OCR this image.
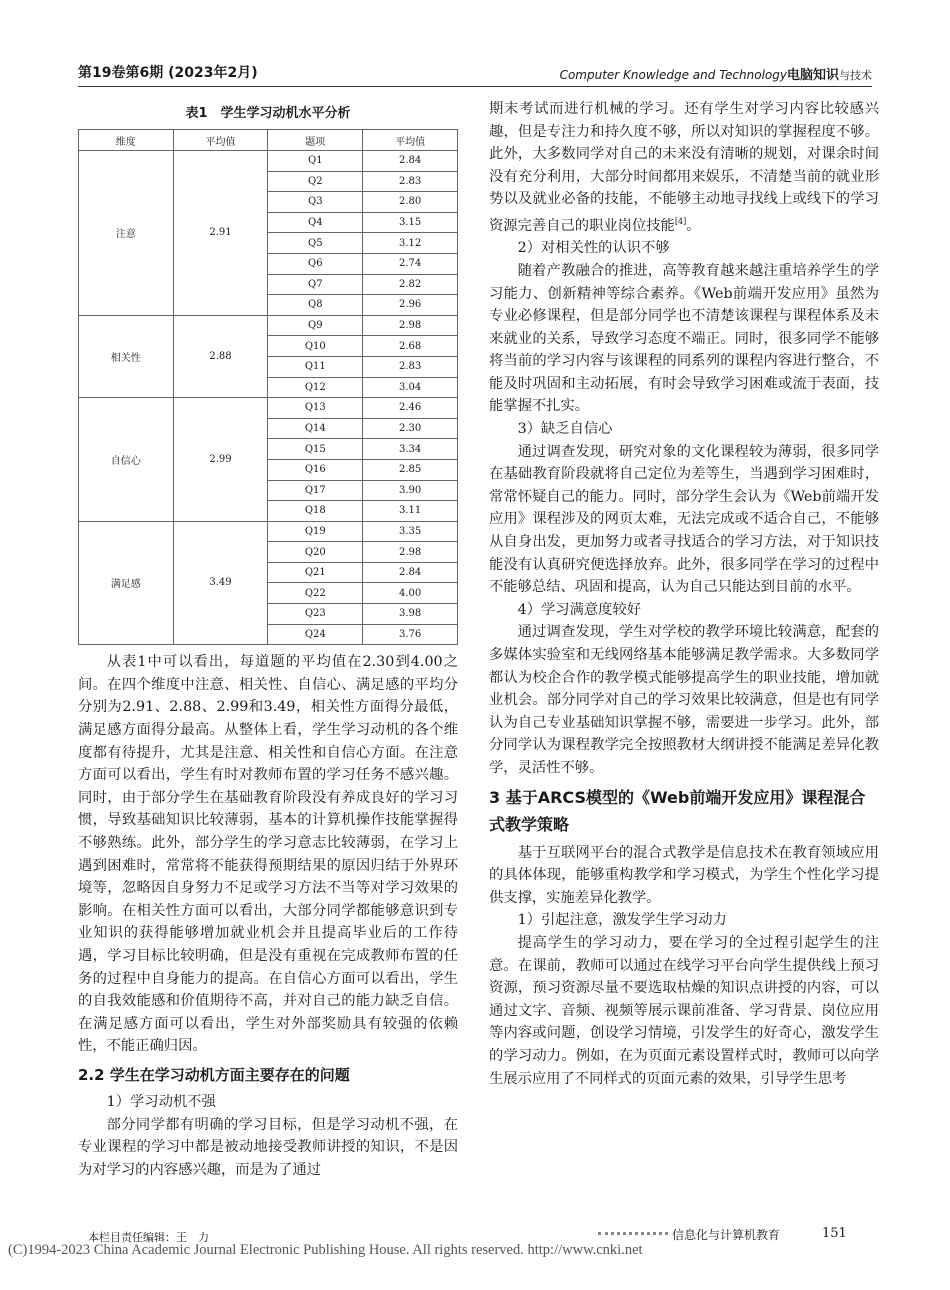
第19卷第6期 (2023年2月)	Computer Knowledge and Technology电脑知识与技术
表1　学生学习动机水平分析
维度	平均值	题项	平均值
注意	2.91	Q1	2.84
		Q2	2.83
		Q3	2.80
		Q4	3.15
		Q5	3.12
		Q6	2.74
		Q7	2.82
		Q8	2.96
相关性	2.88	Q9	2.98
		Q10	2.68
		Q11	2.83
		Q12	3.04
自信心	2.99	Q13	2.46
		Q14	2.30
		Q15	3.34
		Q16	2.85
		Q17	3.90
		Q18	3.11
满足感	3.49	Q19	3.35
		Q20	2.98
		Q21	2.84
		Q22	4.00
		Q23	3.98
		Q24	3.76

从表1中可以看出，每道题的平均值在2.30到4.00之间。在四个维度中注意、相关性、自信心、满足感的平均分分别为2.91、2.88、2.99和3.49，相关性方面得分最低，满足感方面得分最高。从整体上看，学生学习动机的各个维度都有待提升，尤其是注意、相关性和自信心方面。在注意方面可以看出，学生有时对教师布置的学习任务不感兴趣。同时，由于部分学生在基础教育阶段没有养成良好的学习习惯，导致基础知识比较薄弱，基本的计算机操作技能掌握得不够熟练。此外，部分学生的学习意志比较薄弱，在学习上遇到困难时，常常将不能获得预期结果的原因归结于外界环境等，忽略因自身努力不足或学习方法不当等对学习效果的影响。在相关性方面可以看出，大部分同学都能够意识到专业知识的获得能够增加就业机会并且提高毕业后的工作待遇，学习目标比较明确，但是没有重视在完成教师布置的任务的过程中自身能力的提高。在自信心方面可以看出，学生的自我效能感和价值期待不高，并对自己的能力缺乏自信。在满足感方面可以看出，学生对外部奖励具有较强的依赖性，不能正确归因。

2.2 学生在学习动机方面主要存在的问题

1）学习动机不强

部分同学都有明确的学习目标，但是学习动机不强，在专业课程的学习中都是被动地接受教师讲授的知识，不是因为对学习的内容感兴趣，而是为了通过

期末考试而进行机械的学习。还有学生对学习内容比较感兴趣，但是专注力和持久度不够，所以对知识的掌握程度不够。此外，大多数同学对自己的未来没有清晰的规划，对课余时间没有充分利用，大部分时间都用来娱乐，不清楚当前的就业形势以及就业必备的技能，不能够主动地寻找线上或线下的学习资源完善自己的职业岗位技能[4]。

2）对相关性的认识不够

随着产教融合的推进，高等教育越来越注重培养学生的学习能力、创新精神等综合素养。《Web前端开发应用》虽然为专业必修课程，但是部分同学也不清楚该课程与课程体系及未来就业的关系，导致学习态度不端正。同时，很多同学不能够将当前的学习内容与该课程的同系列的课程内容进行整合，不能及时巩固和主动拓展，有时会导致学习困难或流于表面，技能掌握不扎实。

3）缺乏自信心

通过调查发现，研究对象的文化课程较为薄弱，很多同学在基础教育阶段就将自己定位为差等生，当遇到学习困难时，常常怀疑自己的能力。同时，部分学生会认为《Web前端开发应用》课程涉及的网页太难，无法完成或不适合自己，不能够从自身出发，更加努力或者寻找适合的学习方法，对于知识技能没有认真研究便选择放弃。此外，很多同学在学习的过程中不能够总结、巩固和提高，认为自己只能达到目前的水平。

4）学习满意度较好

通过调查发现，学生对学校的教学环境比较满意，配套的多媒体实验室和无线网络基本能够满足教学需求。大多数同学都认为校企合作的教学模式能够提高学生的职业技能，增加就业机会。部分同学对自己的学习效果比较满意，但是也有同学认为自己专业基础知识掌握不够，需要进一步学习。此外，部分同学认为课程教学完全按照教材大纲讲授不能满足差异化教学，灵活性不够。

3 基于ARCS模型的《Web前端开发应用》课程混合式教学策略

基于互联网平台的混合式教学是信息技术在教育领域应用的具体体现，能够重构教学和学习模式，为学生个性化学习提供支撑，实施差异化教学。

1）引起注意，激发学生学习动力

提高学生的学习动力，要在学习的全过程引起学生的注意。在课前，教师可以通过在线学习平台向学生提供线上预习资源，预习资源尽量不要选取枯燥的知识点讲授的内容，可以通过文字、音频、视频等展示课前准备、学习背景、岗位应用等内容或问题，创设学习情境，引发学生的好奇心，激发学生的学习动力。例如，在为页面元素设置样式时，教师可以向学生展示应用了不同样式的页面元素的效果，引导学生思考

本栏目责任编辑：王　力	信息化与计算机教育	151
(C)1994-2023 China Academic Journal Electronic Publishing House. All rights reserved. http://www.cnki.net
